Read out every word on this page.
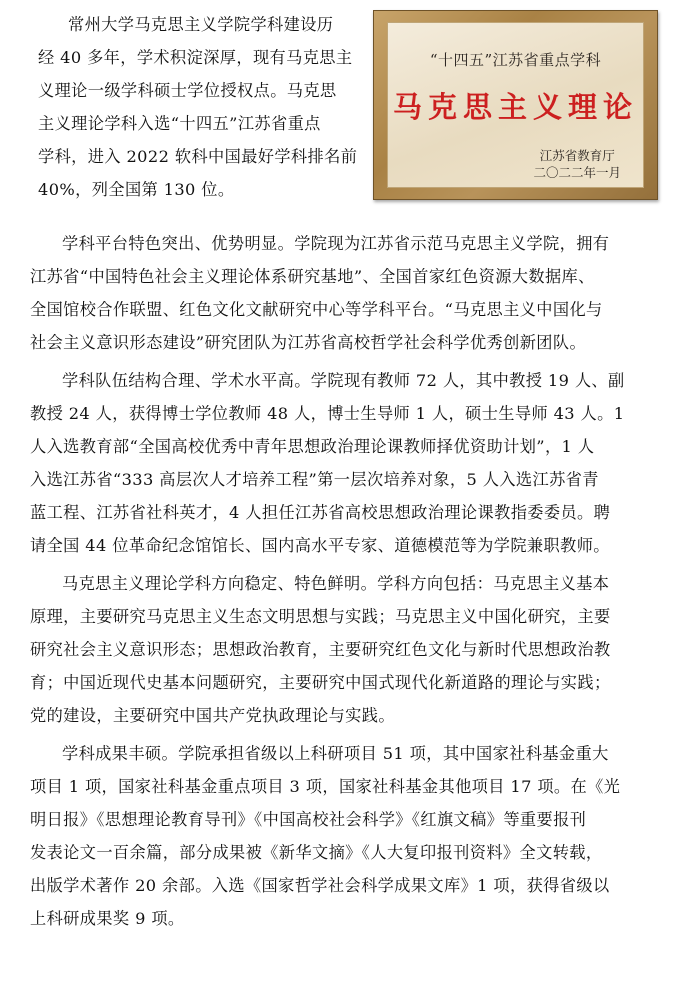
常州大学马克思主义学院学科建设历
经 40 多年，学术积淀深厚，现有马克思主
义理论一级学科硕士学位授权点。马克思
主义理论学科入选“十四五”江苏省重点
学科，进入 2022 软科中国最好学科排名前
40%，列全国第 130 位。
“十四五”江苏省重点学科
马克思主义理论
江苏省教育厅
二〇二二年一月
学科平台特色突出、优势明显。学院现为江苏省示范马克思主义学院，拥有
江苏省“中国特色社会主义理论体系研究基地”、全国首家红色资源大数据库、
全国馆校合作联盟、红色文化文献研究中心等学科平台。“马克思主义中国化与
社会主义意识形态建设”研究团队为江苏省高校哲学社会科学优秀创新团队。
学科队伍结构合理、学术水平高。学院现有教师 72 人，其中教授 19 人、副
教授 24 人，获得博士学位教师 48 人，博士生导师 1 人，硕士生导师 43 人。1
人入选教育部“全国高校优秀中青年思想政治理论课教师择优资助计划”，1 人
入选江苏省“333 高层次人才培养工程”第一层次培养对象，5 人入选江苏省青
蓝工程、江苏省社科英才，4 人担任江苏省高校思想政治理论课教指委委员。聘
请全国 44 位革命纪念馆馆长、国内高水平专家、道德模范等为学院兼职教师。
马克思主义理论学科方向稳定、特色鲜明。学科方向包括：马克思主义基本
原理，主要研究马克思主义生态文明思想与实践；马克思主义中国化研究，主要
研究社会主义意识形态；思想政治教育，主要研究红色文化与新时代思想政治教
育；中国近现代史基本问题研究，主要研究中国式现代化新道路的理论与实践；
党的建设，主要研究中国共产党执政理论与实践。
学科成果丰硕。学院承担省级以上科研项目 51 项，其中国家社科基金重大
项目 1 项，国家社科基金重点项目 3 项，国家社科基金其他项目 17 项。在《光
明日报》《思想理论教育导刊》《中国高校社会科学》《红旗文稿》等重要报刊
发表论文一百余篇，部分成果被《新华文摘》《人大复印报刊资料》全文转载，
出版学术著作 20 余部。入选《国家哲学社会科学成果文库》1 项，获得省级以
上科研成果奖 9 项。
